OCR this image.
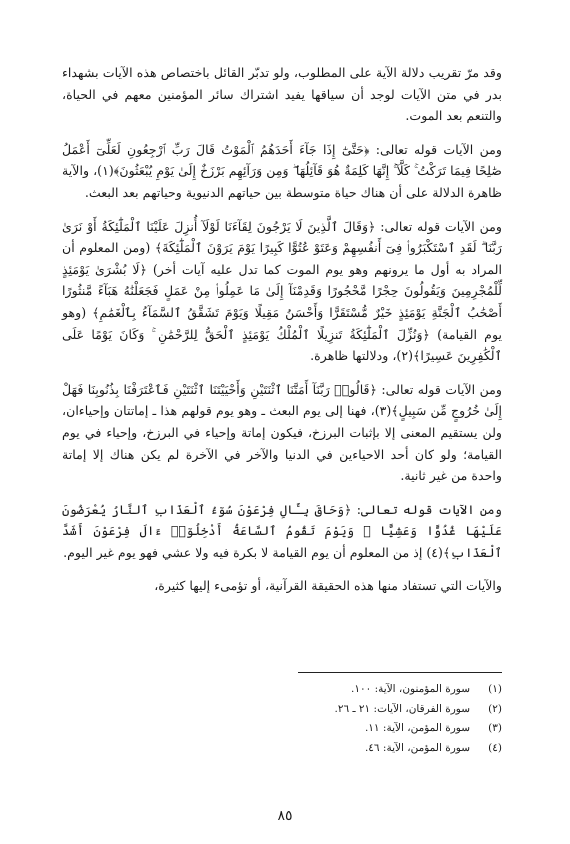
وقد مرّ تقريب دلالة الآية على المطلوب، ولو تدبّر القائل باختصاص هذه الآيات بشهداء بدر في متن الآيات لوجد أن سياقها يفيد اشتراك سائر المؤمنين معهم في الحياة، والتنعم بعد الموت.

ومن الآيات قوله تعالى: ﴿حَتَّىٰٓ إِذَا جَآءَ أَحَدَهُمُ ٱلْمَوْتُ قَالَ رَبِّ ٱرْجِعُونِ لَعَلِّىٓ أَعْمَلُ صَٰلِحًا فِيمَا تَرَكْتُ ۚ كَلَّآ ۚ إِنَّهَا كَلِمَةٌ هُوَ قَآئِلُهَا ۖ وَمِن وَرَآئِهِم بَرْزَخٌ إِلَىٰ يَوْمِ يُبْعَثُونَ﴾(١)، والآية ظاهرة الدلالة على أن هناك حياة متوسطة بين حياتهم الدنيوية وحياتهم بعد البعث.

ومن الآيات قوله تعالى: ﴿وَقَالَ ٱلَّذِينَ لَا يَرْجُونَ لِقَآءَنَا لَوْلَآ أُنزِلَ عَلَيْنَا ٱلْمَلَٰٓئِكَةُ أَوْ نَرَىٰ رَبَّنَا ۗ لَقَدِ ٱسْتَكْبَرُوا۟ فِىٓ أَنفُسِهِمْ وَعَتَوْ عُتُوًّا كَبِيرًا يَوْمَ يَرَوْنَ ٱلْمَلَٰٓئِكَةَ﴾ (ومن المعلوم أن المراد به أول ما يرونهم وهو يوم الموت كما تدل عليه آيات أخر) ﴿لَا بُشْرَىٰ يَوْمَئِذٍ لِّلْمُجْرِمِينَ وَيَقُولُونَ حِجْرًا مَّحْجُورًا وَقَدِمْنَآ إِلَىٰ مَا عَمِلُوا۟ مِنْ عَمَلٍ فَجَعَلْنَٰهُ هَبَآءً مَّنثُورًا أَصْحَٰبُ ٱلْجَنَّةِ يَوْمَئِذٍ خَيْرٌ مُّسْتَقَرًّا وَأَحْسَنُ مَقِيلًا وَيَوْمَ تَشَقَّقُ ٱلسَّمَآءُ بِٱلْغَمَٰمِ﴾ (وهو يوم القيامة) ﴿وَنُزِّلَ ٱلْمَلَٰٓئِكَةُ تَنزِيلًا ٱلْمُلْكُ يَوْمَئِذٍ ٱلْحَقُّ لِلرَّحْمَٰنِ ۚ وَكَانَ يَوْمًا عَلَى ٱلْكَٰفِرِينَ عَسِيرًا﴾(٢)، ودلالتها ظاهرة.

ومن الآيات قوله تعالى: ﴿قَالُوا۟ رَبَّنَآ أَمَتَّنَا ٱثْنَتَيْنِ وَأَحْيَيْتَنَا ٱثْنَتَيْنِ فَٱعْتَرَفْنَا بِذُنُوبِنَا فَهَلْ إِلَىٰ خُرُوجٍ مِّن سَبِيلٍ﴾(٣)، فهنا إلى يوم البعث ـ وهو يوم قولهم هذا ـ إماتتان وإحياءان، ولن يستقيم المعنى إلا بإثبات البرزخ، فيكون إماتة وإحياء في البرزخ، وإحياء في يوم القيامة؛ ولو كان أحد الاحياءين في الدنيا والآخر في الآخرة لم يكن هناك إلا إماتة واحدة من غير ثانية.

ومن الآيات قوله تعالى: ﴿وَحَاقَ بِـَٔالِ فِرْعَوْنَ سُوٓءُ ٱلْعَذَابِ ٱلنَّارُ يُعْرَضُونَ عَلَيْهَا غُدُوًّا وَعَشِيًّا ۖ وَيَوْمَ تَقُومُ ٱلسَّاعَةُ أَدْخِلُوٓا۟ ءَالَ فِرْعَوْنَ أَشَدَّ ٱلْعَذَابِ﴾(٤) إذ من المعلوم أن يوم القيامة لا بكرة فيه ولا عشي فهو يوم غير اليوم.

والآيات التي تستفاد منها هذه الحقيقة القرآنية، أو تؤمىء إليها كثيرة،

(١)
سورة المؤمنون، الآية: ١٠٠.
(٢)
سورة الفرقان، الآيات: ٢١ ـ ٢٦.
(٣)
سورة المؤمن، الآية: ١١.
(٤)
سورة المؤمن، الآية: ٤٦.
٨٥
